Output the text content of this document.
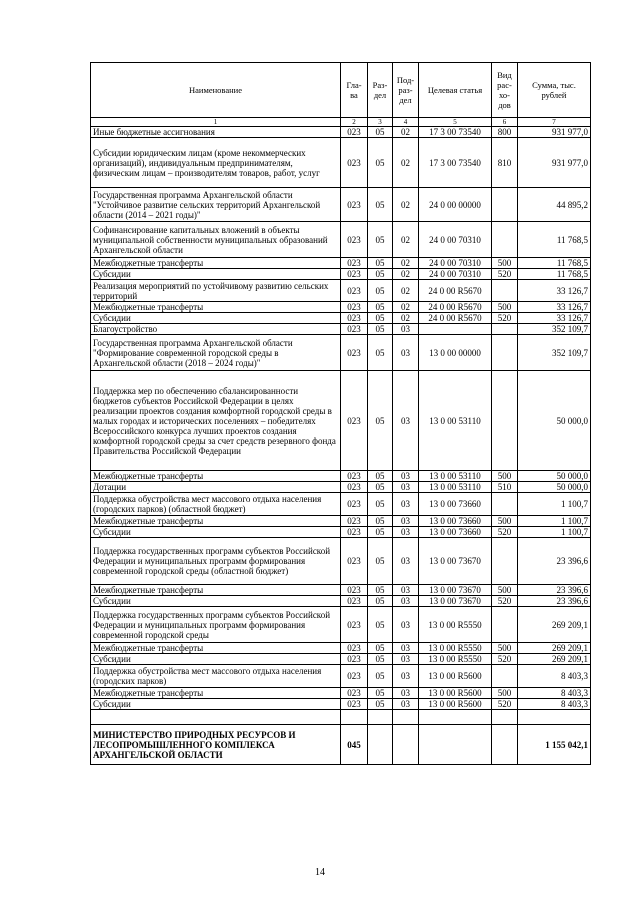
Наименование	Гла-ва	Раз-дел	Под-раз-дел	Целевая статья	Вид рас-хо-дов	Сумма, тыс. рублей
1	2	3	4	5	6	7
Иные бюджетные ассигнования	023	05	02	17 3 00 73540	800	931 977,0
Субсидии юридическим лицам (кроме некоммерческих организаций), индивидуальным предпринимателям, физическим лицам – производителям товаров, работ, услуг	023	05	02	17 3 00 73540	810	931 977,0
Государственная программа Архангельской области "Устойчивое развитие сельских территорий Архангельской области (2014 – 2021 годы)"	023	05	02	24 0 00 00000		44 895,2
Софинансирование капитальных вложений в объекты муниципальной собственности муниципальных образований Архангельской области	023	05	02	24 0 00 70310		11 768,5
Межбюджетные трансферты	023	05	02	24 0 00 70310	500	11 768,5
Субсидии	023	05	02	24 0 00 70310	520	11 768,5
Реализация мероприятий по устойчивому развитию сельских территорий	023	05	02	24 0 00 R5670		33 126,7
Межбюджетные трансферты	023	05	02	24 0 00 R5670	500	33 126,7
Субсидии	023	05	02	24 0 00 R5670	520	33 126,7
Благоустройство	023	05	03			352 109,7
Государственная программа Архангельской области "Формирование современной городской среды в Архангельской области (2018 – 2024 годы)"	023	05	03	13 0 00 00000		352 109,7
Поддержка мер по обеспечению сбалансированности бюджетов субъектов Российской Федерации в целях реализации проектов создания комфортной городской среды в малых городах и исторических поселениях – победителях Всероссийского конкурса лучших проектов создания комфортной городской среды за счет средств резервного фонда Правительства Российской Федерации	023	05	03	13 0 00 53110		50 000,0
Межбюджетные трансферты	023	05	03	13 0 00 53110	500	50 000,0
Дотации	023	05	03	13 0 00 53110	510	50 000,0
Поддержка обустройства мест массового отдыха населения (городских парков) (областной бюджет)	023	05	03	13 0 00 73660		1 100,7
Межбюджетные трансферты	023	05	03	13 0 00 73660	500	1 100,7
Субсидии	023	05	03	13 0 00 73660	520	1 100,7
Поддержка государственных программ субъектов Российской Федерации и муниципальных программ формирования современной городской среды (областной бюджет)	023	05	03	13 0 00 73670		23 396,6
Межбюджетные трансферты	023	05	03	13 0 00 73670	500	23 396,6
Субсидии	023	05	03	13 0 00 73670	520	23 396,6
Поддержка государственных программ субъектов Российской Федерации и муниципальных программ формирования современной городской среды	023	05	03	13 0 00 R5550		269 209,1
Межбюджетные трансферты	023	05	03	13 0 00 R5550	500	269 209,1
Субсидии	023	05	03	13 0 00 R5550	520	269 209,1
Поддержка обустройства мест массового отдыха населения (городских парков)	023	05	03	13 0 00 R5600		8 403,3
Межбюджетные трансферты	023	05	03	13 0 00 R5600	500	8 403,3
Субсидии	023	05	03	13 0 00 R5600	520	8 403,3

МИНИСТЕРСТВО ПРИРОДНЫХ РЕСУРСОВ И ЛЕСОПРОМЫШЛЕННОГО КОМПЛЕКСА АРХАНГЕЛЬСКОЙ ОБЛАСТИ	045					1 155 042,1
14
